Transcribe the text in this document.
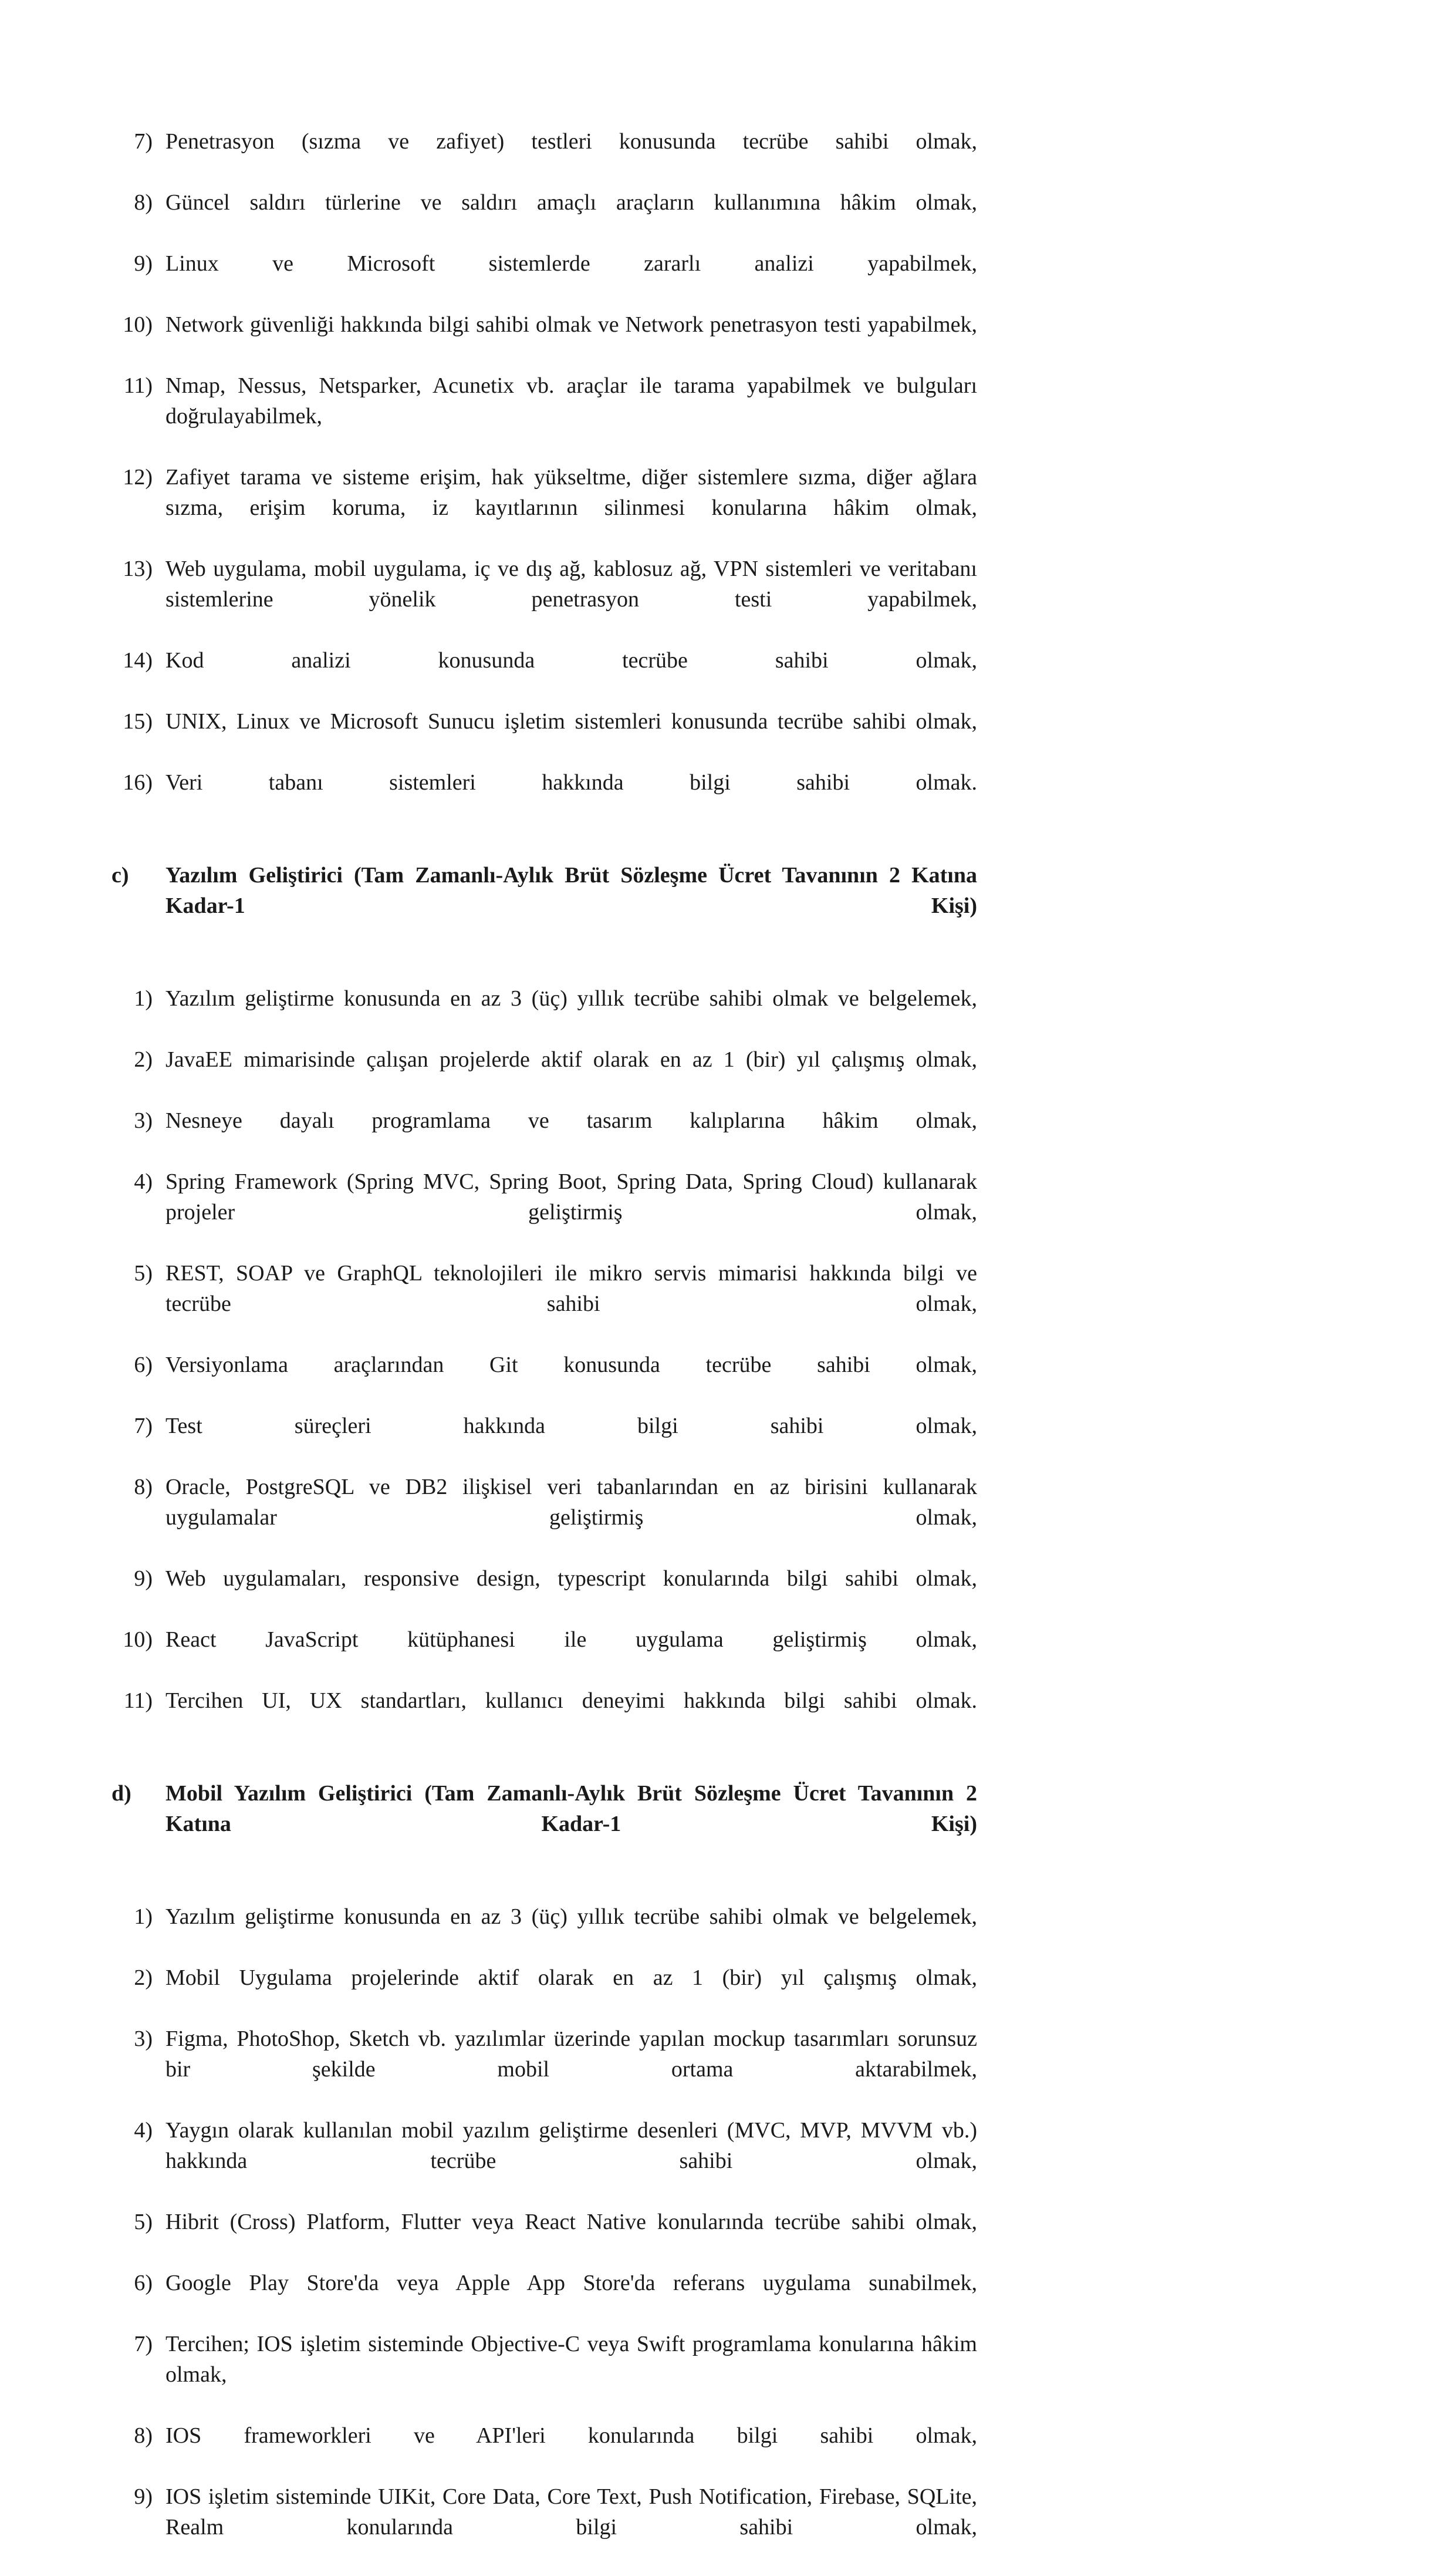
7) Penetrasyon (sızma ve zafiyet) testleri konusunda tecrübe sahibi olmak,
8) Güncel saldırı türlerine ve saldırı amaçlı araçların kullanımına hâkim olmak,
9) Linux ve Microsoft sistemlerde zararlı analizi yapabilmek,
10) Network güvenliği hakkında bilgi sahibi olmak ve Network penetrasyon testi yapabilmek,
11) Nmap, Nessus, Netsparker, Acunetix vb. araçlar ile tarama yapabilmek ve bulguları doğrulayabilmek,
12) Zafiyet tarama ve sisteme erişim, hak yükseltme, diğer sistemlere sızma, diğer ağlara sızma, erişim koruma, iz kayıtlarının silinmesi konularına hâkim olmak,
13) Web uygulama, mobil uygulama, iç ve dış ağ, kablosuz ağ, VPN sistemleri ve veritabanı sistemlerine yönelik penetrasyon testi yapabilmek,
14) Kod analizi konusunda tecrübe sahibi olmak,
15) UNIX, Linux ve Microsoft Sunucu işletim sistemleri konusunda tecrübe sahibi olmak,
16) Veri tabanı sistemleri hakkında bilgi sahibi olmak.
c)	Yazılım Geliştirici (Tam Zamanlı-Aylık Brüt Sözleşme Ücret Tavanının 2 Katına Kadar-1 Kişi)
1) Yazılım geliştirme konusunda en az 3 (üç) yıllık tecrübe sahibi olmak ve belgelemek,
2) JavaEE mimarisinde çalışan projelerde aktif olarak en az 1 (bir) yıl çalışmış olmak,
3) Nesneye dayalı programlama ve tasarım kalıplarına hâkim olmak,
4) Spring Framework (Spring MVC, Spring Boot, Spring Data, Spring Cloud) kullanarak projeler geliştirmiş olmak,
5) REST, SOAP ve GraphQL teknolojileri ile mikro servis mimarisi hakkında bilgi ve tecrübe sahibi olmak,
6) Versiyonlama araçlarından Git konusunda tecrübe sahibi olmak,
7) Test süreçleri hakkında bilgi sahibi olmak,
8) Oracle, PostgreSQL ve DB2 ilişkisel veri tabanlarından en az birisini kullanarak uygulamalar geliştirmiş olmak,
9) Web uygulamaları, responsive design, typescript konularında bilgi sahibi olmak,
10) React JavaScript kütüphanesi ile uygulama geliştirmiş olmak,
11) Tercihen UI, UX standartları, kullanıcı deneyimi hakkında bilgi sahibi olmak.
d)	Mobil Yazılım Geliştirici (Tam Zamanlı-Aylık Brüt Sözleşme Ücret Tavanının 2 Katına Kadar-1 Kişi)
1) Yazılım geliştirme konusunda en az 3 (üç) yıllık tecrübe sahibi olmak ve belgelemek,
2) Mobil Uygulama projelerinde aktif olarak en az 1 (bir) yıl çalışmış olmak,
3) Figma, PhotoShop, Sketch vb. yazılımlar üzerinde yapılan mockup tasarımları sorunsuz bir şekilde mobil ortama aktarabilmek,
4) Yaygın olarak kullanılan mobil yazılım geliştirme desenleri (MVC, MVP, MVVM vb.) hakkında tecrübe sahibi olmak,
5) Hibrit (Cross) Platform, Flutter veya React Native konularında tecrübe sahibi olmak,
6) Google Play Store'da veya Apple App Store'da referans uygulama sunabilmek,
7) Tercihen; IOS işletim sisteminde Objective-C veya Swift programlama konularına hâkim olmak,
8) IOS frameworkleri ve API'leri konularında bilgi sahibi olmak,
9) IOS işletim sisteminde UIKit, Core Data, Core Text, Push Notification, Firebase, SQLite, Realm konularında bilgi sahibi olmak,
